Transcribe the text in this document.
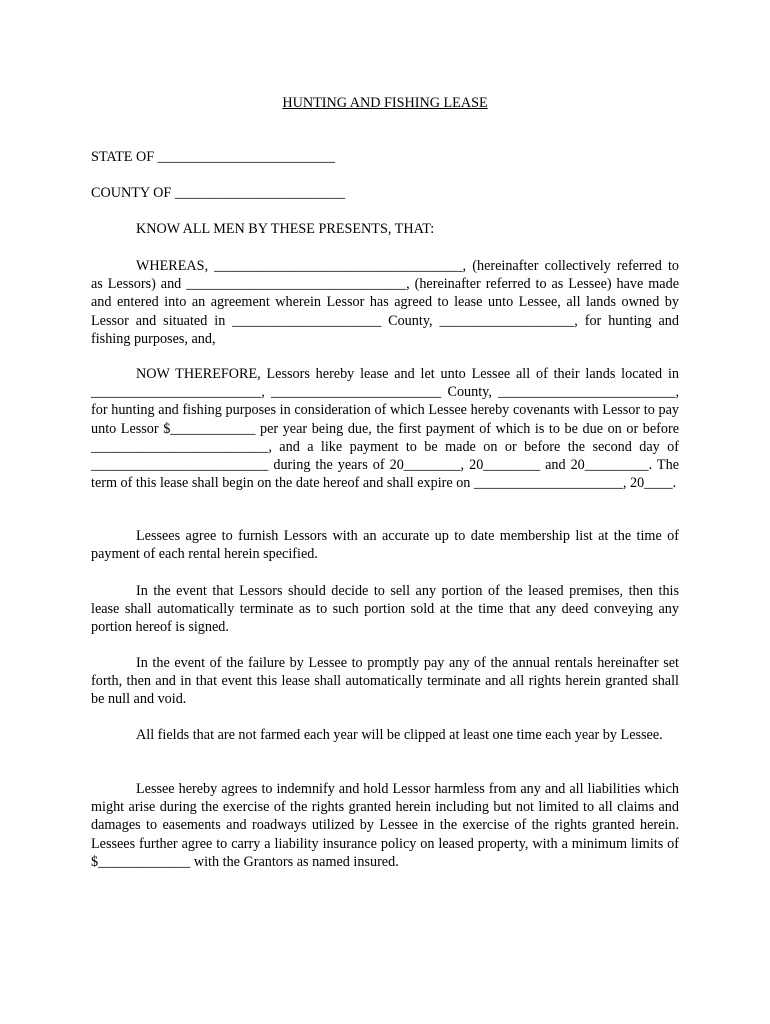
HUNTING AND FISHING LEASE
STATE OF _________________________
COUNTY OF ________________________
KNOW ALL MEN BY THESE PRESENTS, THAT:

WHEREAS, ___________________________________, (hereinafter collectively referred to as Lessors) and _______________________________, (hereinafter referred to as Lessee) have made and entered into an agreement wherein Lessor has agreed to lease unto Lessee, all lands owned by Lessor and situated in _____________________ County, ___________________, for hunting and fishing purposes, and,

NOW THEREFORE, Lessors hereby lease and let unto Lessee all of their lands located in ________________________, ________________________ County, _________________________, for hunting and fishing purposes in consideration of which Lessee hereby covenants with Lessor to pay unto Lessor $____________ per year being due, the first payment of which is to be due on or before _________________________, and a like payment to be made on or before the second day of _________________________ during the years of 20________, 20________ and 20_________. The term of this lease shall begin on the date hereof and shall expire on _____________________, 20____.

Lessees agree to furnish Lessors with an accurate up to date membership list at the time of payment of each rental herein specified.

In the event that Lessors should decide to sell any portion of the leased premises, then this lease shall automatically terminate as to such portion sold at the time that any deed conveying any portion hereof is signed.

In the event of the failure by Lessee to promptly pay any of the annual rentals hereinafter set forth, then and in that event this lease shall automatically terminate and all rights herein granted shall be null and void.

All fields that are not farmed each year will be clipped at least one time each year by Lessee.

Lessee hereby agrees to indemnify and hold Lessor harmless from any and all liabilities which might arise during the exercise of the rights granted herein including but not limited to all claims and damages to easements and roadways utilized by Lessee in the exercise of the rights granted herein. Lessees further agree to carry a liability insurance policy on leased property, with a minimum limits of $_____________ with the Grantors as named insured.
